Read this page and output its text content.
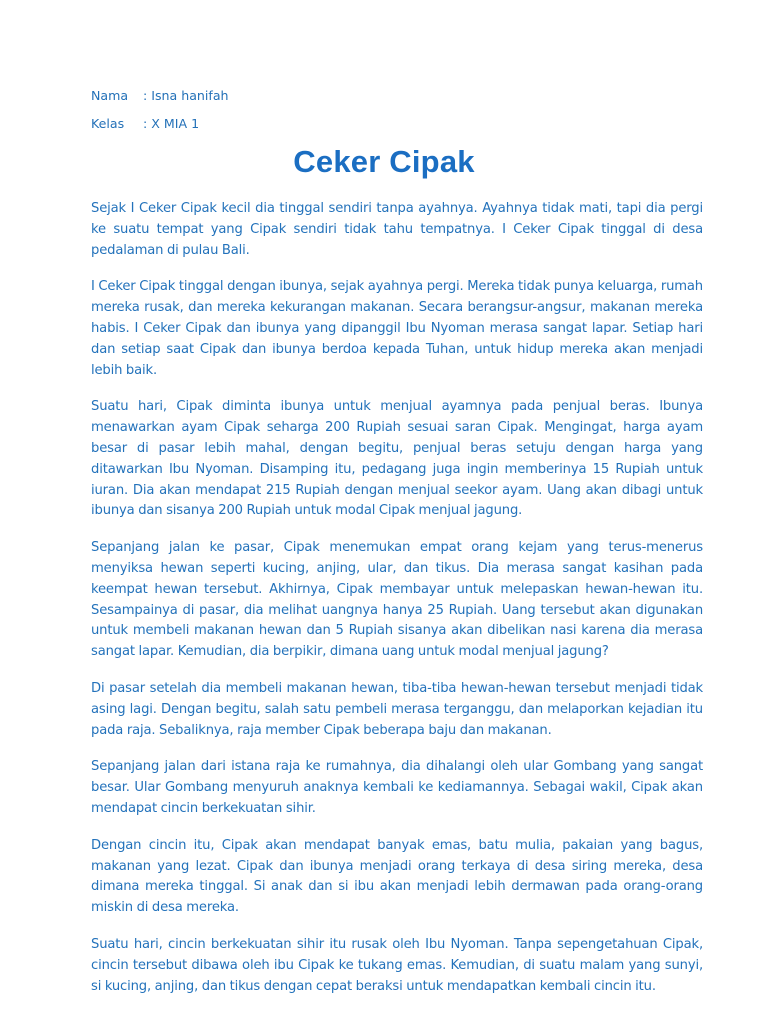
Nama : Isna hanifah
Kelas : X MIA 1
Ceker Cipak

Sejak I Ceker Cipak kecil dia tinggal sendiri tanpa ayahnya. Ayahnya tidak mati, tapi dia pergi ke suatu tempat yang Cipak sendiri tidak tahu tempatnya. I Ceker Cipak tinggal di desa pedalaman di pulau Bali.

I Ceker Cipak tinggal dengan ibunya, sejak ayahnya pergi. Mereka tidak punya keluarga, rumah mereka rusak, dan mereka kekurangan makanan. Secara berangsur-angsur, makanan mereka habis. I Ceker Cipak dan ibunya yang dipanggil Ibu Nyoman merasa sangat lapar. Setiap hari dan setiap saat Cipak dan ibunya berdoa kepada Tuhan, untuk hidup mereka akan menjadi lebih baik.

Suatu hari, Cipak diminta ibunya untuk menjual ayamnya pada penjual beras. Ibunya menawarkan ayam Cipak seharga 200 Rupiah sesuai saran Cipak. Mengingat, harga ayam besar di pasar lebih mahal, dengan begitu, penjual beras setuju dengan harga yang ditawarkan Ibu Nyoman. Disamping itu, pedagang juga ingin memberinya 15 Rupiah untuk iuran. Dia akan mendapat 215 Rupiah dengan menjual seekor ayam. Uang akan dibagi untuk ibunya dan sisanya 200 Rupiah untuk modal Cipak menjual jagung.

Sepanjang jalan ke pasar, Cipak menemukan empat orang kejam yang terus-menerus menyiksa hewan seperti kucing, anjing, ular, dan tikus. Dia merasa sangat kasihan pada keempat hewan tersebut. Akhirnya, Cipak membayar untuk melepaskan hewan-hewan itu. Sesampainya di pasar, dia melihat uangnya hanya 25 Rupiah. Uang tersebut akan digunakan untuk membeli makanan hewan dan 5 Rupiah sisanya akan dibelikan nasi karena dia merasa sangat lapar. Kemudian, dia berpikir, dimana uang untuk modal menjual jagung?

Di pasar setelah dia membeli makanan hewan, tiba-tiba hewan-hewan tersebut menjadi tidak asing lagi. Dengan begitu, salah satu pembeli merasa terganggu, dan melaporkan kejadian itu pada raja. Sebaliknya, raja member Cipak beberapa baju dan makanan.

Sepanjang jalan dari istana raja ke rumahnya, dia dihalangi oleh ular Gombang yang sangat besar. Ular Gombang menyuruh anaknya kembali ke kediamannya. Sebagai wakil, Cipak akan mendapat cincin berkekuatan sihir.

Dengan cincin itu, Cipak akan mendapat banyak emas, batu mulia, pakaian yang bagus, makanan yang lezat. Cipak dan ibunya menjadi orang terkaya di desa siring mereka, desa dimana mereka tinggal. Si anak dan si ibu akan menjadi lebih dermawan pada orang-orang miskin di desa mereka.

Suatu hari, cincin berkekuatan sihir itu rusak oleh Ibu Nyoman. Tanpa sepengetahuan Cipak, cincin tersebut dibawa oleh ibu Cipak ke tukang emas. Kemudian, di suatu malam yang sunyi, si kucing, anjing, dan tikus dengan cepat beraksi untuk mendapatkan kembali cincin itu.
